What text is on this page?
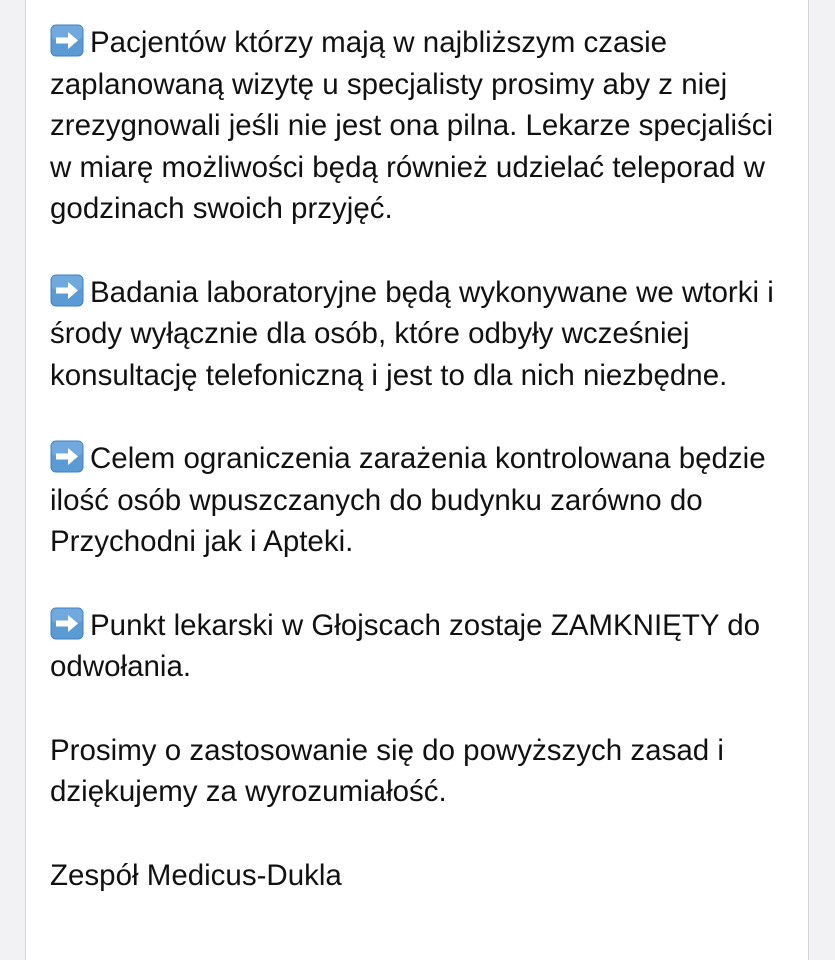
Pacjentów którzy mają w najbliższym czasie zaplanowaną wizytę u specjalisty prosimy aby z niej zrezygnowali jeśli nie jest ona pilna. Lekarze specjaliści w miarę możliwości będą również udzielać teleporad w godzinach swoich przyjęć.

Badania laboratoryjne będą wykonywane we wtorki i środy wyłącznie dla osób, które odbyły wcześniej konsultację telefoniczną i jest to dla nich niezbędne.

Celem ograniczenia zarażenia kontrolowana będzie ilość osób wpuszczanych do budynku zarówno do Przychodni jak i Apteki.

Punkt lekarski w Głojscach zostaje ZAMKNIĘTY do odwołania.

Prosimy o zastosowanie się do powyższych zasad i dziękujemy za wyrozumiałość.

Zespół Medicus-Dukla
